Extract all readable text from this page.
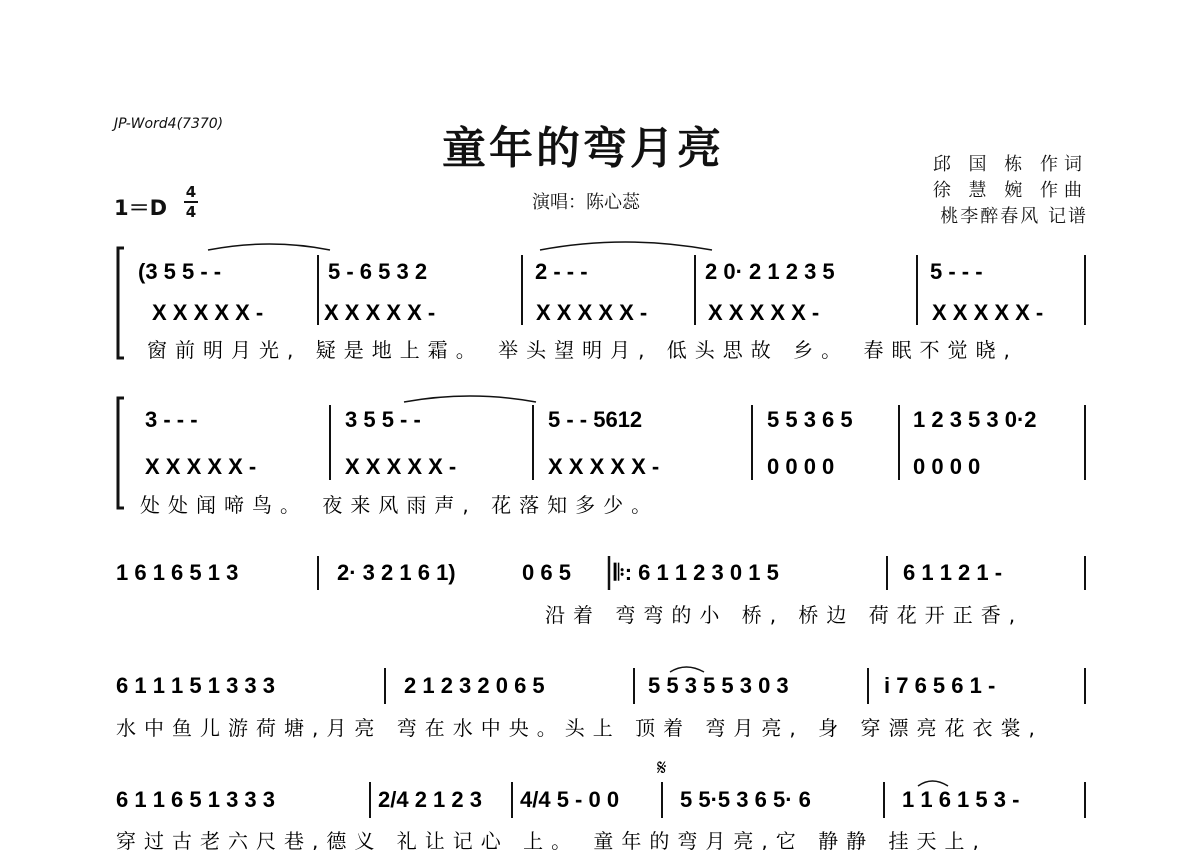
JP-Word4(7370)	童年的弯月亮	邱 国 栋 作词
徐 慧 婉 作曲
桃李醉春风 记谱
1＝D
4
4	演唱：陈心蕊
(3 5 5 - -	5 - 6 5 3 2	2 - - -	2 0· 2 1 2 3 5	5 - - -
X X X X X -	X X X X X -	X X X X X -	X X X X X -	X X X X X -
窗前明月光, 疑是地上霜。 举头望明月, 低头思故 乡。 春眠不觉晓,
3 - - -	3 5 5 - -	5 - - 5612	5 5 3 6 5	1 2 3 5 3 0·2
X X X X X -	X X X X X -	X X X X X -	0 0 0 0	0 0 0 0
处处闻啼鸟。 夜来风雨声, 花落知多少。
1 6 1 6 5 1 3	2· 3 2 1 6 1)	0 6 5 𝄆: 6 1 1 2 3 0 1 5	6 1 1 2 1 -
沿着 弯弯的小 桥, 桥边 荷花开正香,
6 1 1 1 5 1 3 3 3	2 1 2 3 2 0 6 5	5 5 3 5 5 3 0 3	i 7 6 5 6 1 -
水中鱼儿游荷塘,月亮 弯在水中央。头上 顶着 弯月亮, 身 穿漂亮花衣裳,
𝄋
6 1 1 6 5 1 3 3 3	2/4 2 1 2 3 4/4 5 - 0 0	5 5·5 3 6 5· 6	1 1 6 1 5 3 -
穿过古老六尺巷,德义 礼让记心 上。 童年的弯月亮,它 静静 挂天上,
